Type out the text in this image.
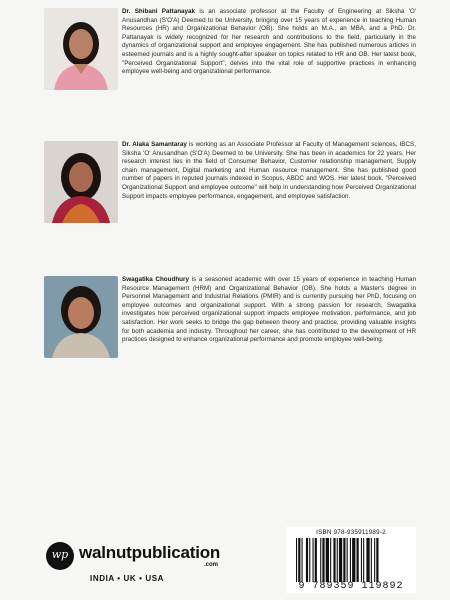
Dr. Shibani Pattanayak is an associate professor at the Faculty of Engineering at Siksha 'O' Anusandhan (S'O'A) Deemed to be University, bringing over 15 years of experience in teaching Human Resources (HR) and Organizational Behavior (OB). She holds an M.A., an MBA, and a PhD. Dr. Pattanayak is widely recognized for her research and contributions to the field, particularly in the dynamics of organizational support and employee engagement. She has published numerous articles in esteemed journals and is a highly sought-after speaker on topics related to HR and OB. Her latest book, "Perceived Organizational Support", delves into the vital role of supportive practices in enhancing employee well-being and organizational performance.

Dr. Alaka Samantaray is working as an Associate Professor at Faculty of Management sciences, IBCS, Siksha 'O' Anusandhan (S'O'A) Deemed to be University. She has been in academics for 22 years. Her research interest lies in the field of Consumer Behavior, Customer relationship management, Supply chain management, Digital marketing and Human resource management. She has published good number of papers in reputed journals indexed in Scopus, ABDC and WOS. Her latest book, "Perceived Organizational Support and employee outcome" will help in understanding how Perceived Organizational Support impacts employee performance, engagement, and employee satisfaction.

Swagatika Choudhury is a seasoned academic with over 15 years of experience in teaching Human Resource Management (HRM) and Organizational Behavior (OB). She holds a Master's degree in Personnel Management and Industrial Relations (PMIR) and is currently pursuing her PhD, focusing on employee outcomes and organizational support. With a strong passion for research, Swagatika investigates how perceived organizational support impacts employee motivation, performance, and job satisfaction. Her work seeks to bridge the gap between theory and practice, providing valuable insights for both academia and industry. Throughout her career, she has contributed to the development of HR practices designed to enhance organizational performance and promote employee well-being.

wp walnutpublication
.com
INDIA • UK • USA
ISBN 978-935911989-2
9 789359 119892
